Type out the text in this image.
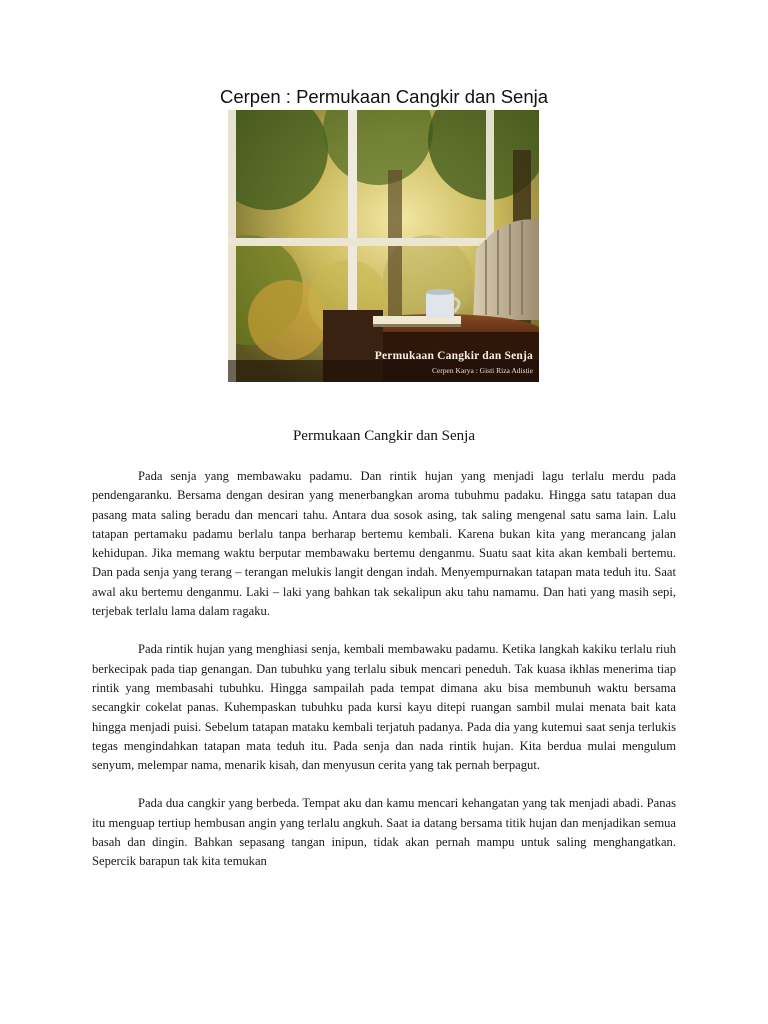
Cerpen : Permukaan Cangkir dan Senja
Permukaan Cangkir dan Senja
Cerpen Karya : Gisti Riza Adistie
Permukaan Cangkir dan Senja

Pada senja yang membawaku padamu. Dan rintik hujan yang menjadi lagu terlalu merdu pada pendengaranku. Bersama dengan desiran yang menerbangkan aroma tubuhmu padaku. Hingga satu tatapan dua pasang mata saling beradu dan mencari tahu. Antara dua sosok asing, tak saling mengenal satu sama lain. Lalu tatapan pertamaku padamu berlalu tanpa berharap bertemu kembali. Karena bukan kita yang merancang jalan kehidupan. Jika memang waktu berputar membawaku bertemu denganmu. Suatu saat kita akan kembali bertemu. Dan pada senja yang terang – terangan melukis langit dengan indah. Menyempurnakan tatapan mata teduh itu. Saat awal aku bertemu denganmu. Laki – laki yang bahkan tak sekalipun aku tahu namamu. Dan hati yang masih sepi, terjebak terlalu lama dalam ragaku.

Pada rintik hujan yang menghiasi senja, kembali membawaku padamu. Ketika langkah kakiku terlalu riuh berkecipak pada tiap genangan. Dan tubuhku yang terlalu sibuk mencari peneduh. Tak kuasa ikhlas menerima tiap rintik yang membasahi tubuhku. Hingga sampailah pada tempat dimana aku bisa membunuh waktu bersama secangkir cokelat panas. Kuhempaskan tubuhku pada kursi kayu ditepi ruangan sambil mulai menata bait kata hingga menjadi puisi. Sebelum tatapan mataku kembali terjatuh padanya. Pada dia yang kutemui saat senja terlukis tegas mengindahkan tatapan mata teduh itu. Pada senja dan nada rintik hujan. Kita berdua mulai mengulum senyum, melempar nama, menarik kisah, dan menyusun cerita yang tak pernah berpagut.

Pada dua cangkir yang berbeda. Tempat aku dan kamu mencari kehangatan yang tak menjadi abadi. Panas itu menguap tertiup hembusan angin yang terlalu angkuh. Saat ia datang bersama titik hujan dan menjadikan semua basah dan dingin. Bahkan sepasang tangan inipun, tidak akan pernah mampu untuk saling menghangatkan. Sepercik barapun tak kita temukan
